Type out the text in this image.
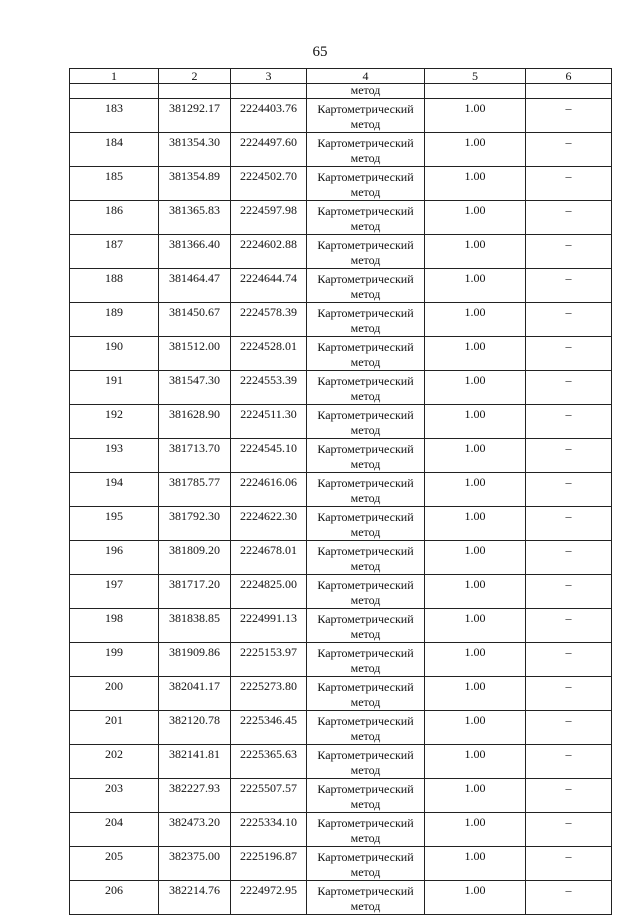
65
1	2	3	4	5	6
			метод		
183	381292.17	2224403.76	Картометрический метод	1.00	–
184	381354.30	2224497.60	Картометрический метод	1.00	–
185	381354.89	2224502.70	Картометрический метод	1.00	–
186	381365.83	2224597.98	Картометрический метод	1.00	–
187	381366.40	2224602.88	Картометрический метод	1.00	–
188	381464.47	2224644.74	Картометрический метод	1.00	–
189	381450.67	2224578.39	Картометрический метод	1.00	–
190	381512.00	2224528.01	Картометрический метод	1.00	–
191	381547.30	2224553.39	Картометрический метод	1.00	–
192	381628.90	2224511.30	Картометрический метод	1.00	–
193	381713.70	2224545.10	Картометрический метод	1.00	–
194	381785.77	2224616.06	Картометрический метод	1.00	–
195	381792.30	2224622.30	Картометрический метод	1.00	–
196	381809.20	2224678.01	Картометрический метод	1.00	–
197	381717.20	2224825.00	Картометрический метод	1.00	–
198	381838.85	2224991.13	Картометрический метод	1.00	–
199	381909.86	2225153.97	Картометрический метод	1.00	–
200	382041.17	2225273.80	Картометрический метод	1.00	–
201	382120.78	2225346.45	Картометрический метод	1.00	–
202	382141.81	2225365.63	Картометрический метод	1.00	–
203	382227.93	2225507.57	Картометрический метод	1.00	–
204	382473.20	2225334.10	Картометрический метод	1.00	–
205	382375.00	2225196.87	Картометрический метод	1.00	–
206	382214.76	2224972.95	Картометрический метод	1.00	–
